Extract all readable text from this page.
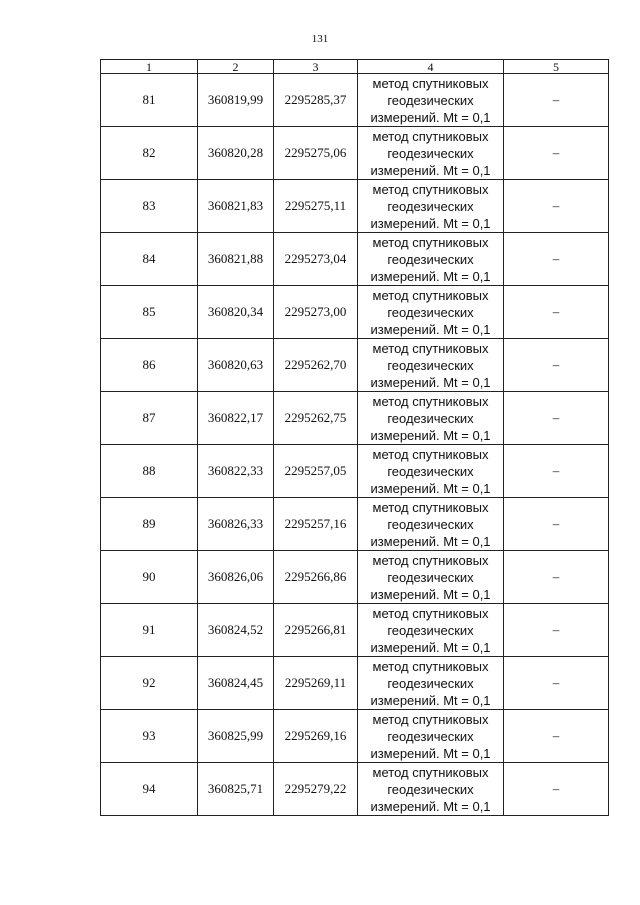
131
1	2	3	4	5
81	360819,99	2295285,37	метод спутниковых
геодезических
измерений. Mt = 0,1	–
82	360820,28	2295275,06	метод спутниковых
геодезических
измерений. Mt = 0,1	–
83	360821,83	2295275,11	метод спутниковых
геодезических
измерений. Mt = 0,1	–
84	360821,88	2295273,04	метод спутниковых
геодезических
измерений. Mt = 0,1	–
85	360820,34	2295273,00	метод спутниковых
геодезических
измерений. Mt = 0,1	–
86	360820,63	2295262,70	метод спутниковых
геодезических
измерений. Mt = 0,1	–
87	360822,17	2295262,75	метод спутниковых
геодезических
измерений. Mt = 0,1	–
88	360822,33	2295257,05	метод спутниковых
геодезических
измерений. Mt = 0,1	–
89	360826,33	2295257,16	метод спутниковых
геодезических
измерений. Mt = 0,1	–
90	360826,06	2295266,86	метод спутниковых
геодезических
измерений. Mt = 0,1	–
91	360824,52	2295266,81	метод спутниковых
геодезических
измерений. Mt = 0,1	–
92	360824,45	2295269,11	метод спутниковых
геодезических
измерений. Mt = 0,1	–
93	360825,99	2295269,16	метод спутниковых
геодезических
измерений. Mt = 0,1	–
94	360825,71	2295279,22	метод спутниковых
геодезических
измерений. Mt = 0,1	–
